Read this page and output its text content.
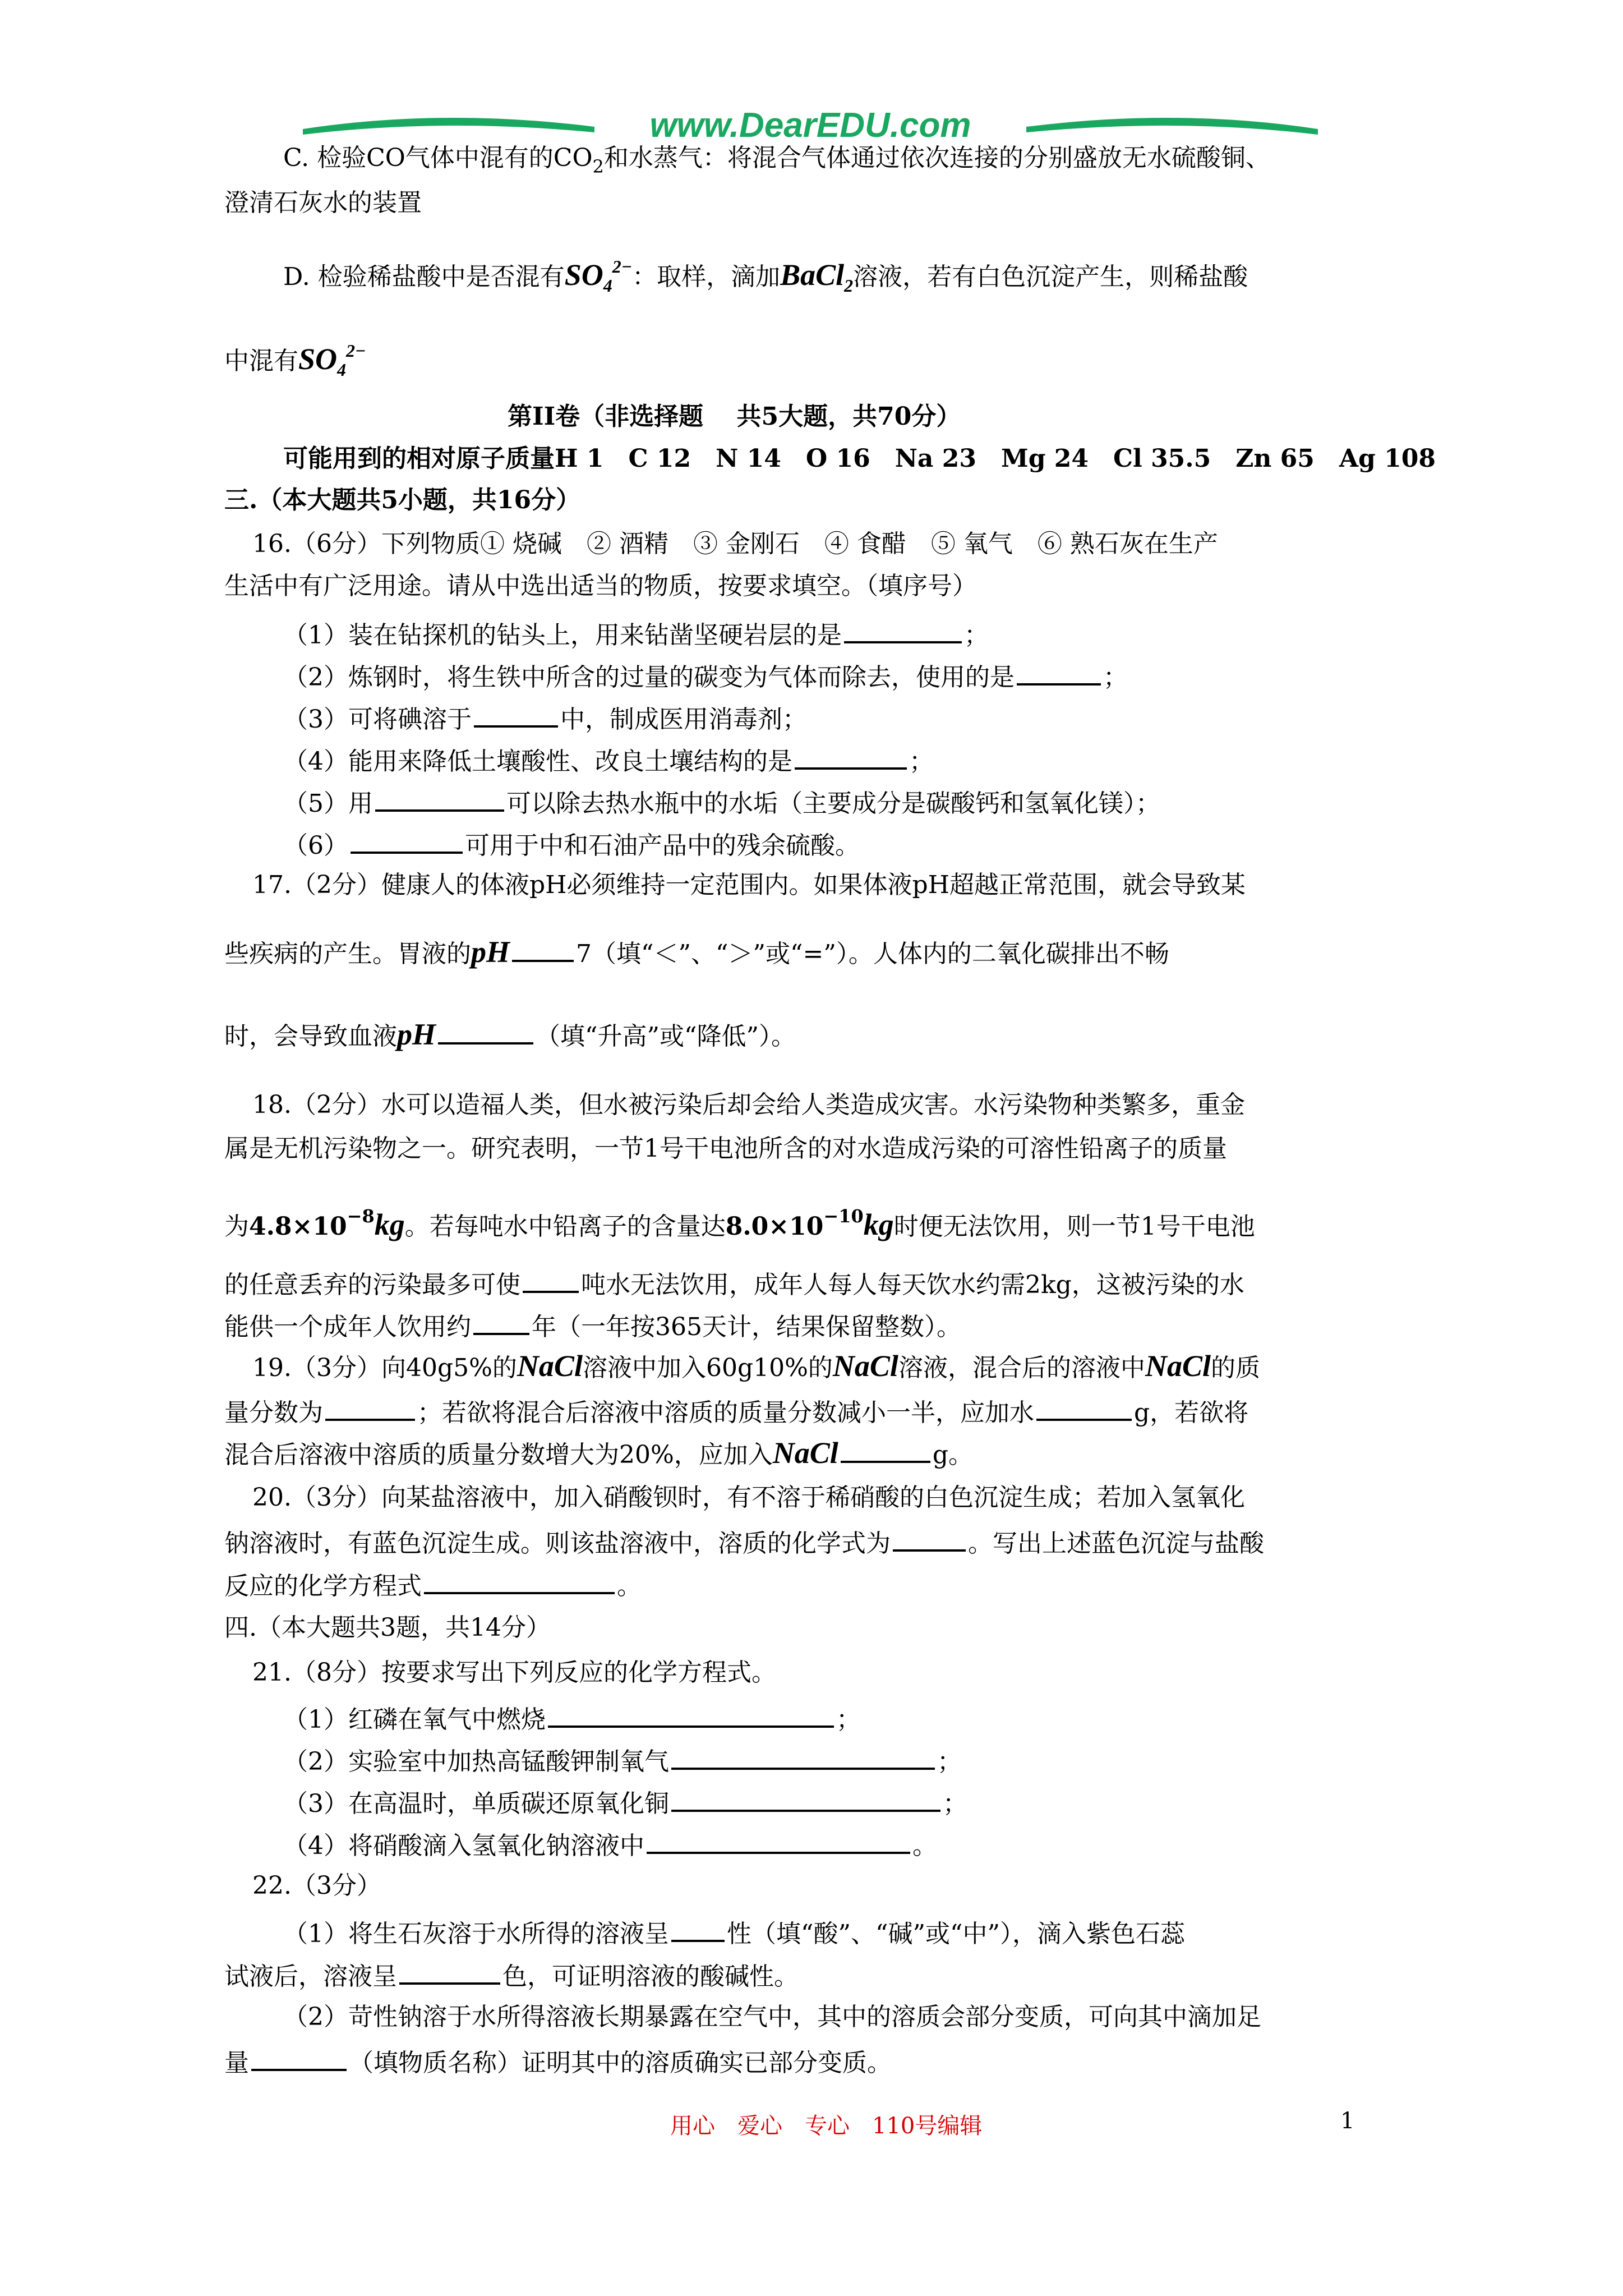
www.DearEDU.com
C. 检验CO气体中混有的$CO_2$和水蒸气：将混合气体通过依次连接的分别盛放无水硫酸铜、
澄清石灰水的装置
D. 检验稀盐酸中是否混有$SO_4^{2-}$：取样，滴加BaCl$_2$溶液，若有白色沉淀产生，则稀盐酸
中混有$SO_4^{2-}$
第II卷（非选择题　 共5大题，共70分）
可能用到的相对原子质量H 1　C 12　N 14　O 16　Na 23　Mg 24　Cl 35.5　Zn 65　Ag 108
三.（本大题共5小题，共16分）
16.（6分）下列物质① 烧碱　② 酒精　③ 金刚石　④ 食醋　⑤ 氧气　⑥ 熟石灰在生产
生活中有广泛用途。请从中选出适当的物质，按要求填空。（填序号）
（1）装在钻探机的钻头上，用来钻凿坚硬岩层的是	；
（2）炼钢时，将生铁中所含的过量的碳变为气体而除去，使用的是	；
（3）可将碘溶于	中，制成医用消毒剂；
（4）能用来降低土壤酸性、改良土壤结构的是	；
（5）用	可以除去热水瓶中的水垢（主要成分是碳酸钙和氢氧化镁）；
（6）	可用于中和石油产品中的残余硫酸。
17.（2分）健康人的体液pH必须维持一定范围内。如果体液pH超越正常范围，就会导致某
些疾病的产生。胃液的pH	7（填“＜”、“＞”或“=”）。人体内的二氧化碳排出不畅
时，会导致血液pH	（填“升高”或“降低”）。
18.（2分）水可以造福人类，但水被污染后却会给人类造成灾害。水污染物种类繁多，重金
属是无机污染物之一。研究表明，一节1号干电池所含的对水造成污染的可溶性铅离子的质量
为$4.8\times 10^{-8}kg$。若每吨水中铅离子的含量达$8.0\times 10^{-10}kg$时便无法饮用，则一节1号干电池
的任意丢弃的污染最多可使 吨水无法饮用，成年人每人每天饮水约需2kg，这被污染的水
能供一个成年人饮用约 年（一年按365天计，结果保留整数）。
19.（3分）向40g5%的NaCl溶液中加入60g10%的NaCl溶液，混合后的溶液中NaCl的质
量分数为	；若欲将混合后溶液中溶质的质量分数减小一半，应加水	g，若欲将
混合后溶液中溶质的质量分数增大为20%，应加入NaCl	g。
20.（3分）向某盐溶液中，加入硝酸钡时，有不溶于稀硝酸的白色沉淀生成；若加入氢氧化
钠溶液时，有蓝色沉淀生成。则该盐溶液中，溶质的化学式为	。写出上述蓝色沉淀与盐酸
反应的化学方程式	。
四.（本大题共3题，共14分）
21.（8分）按要求写出下列反应的化学方程式。
（1）红磷在氧气中燃烧	；
（2）实验室中加热高锰酸钾制氧气	；
（3）在高温时，单质碳还原氧化铜	；
（4）将硝酸滴入氢氧化钠溶液中	。
22.（3分）
（1）将生石灰溶于水所得的溶液呈 性（填“酸”、“碱”或“中”），滴入紫色石蕊
试液后，溶液呈	色，可证明溶液的酸碱性。
（2）苛性钠溶于水所得溶液长期暴露在空气中，其中的溶质会部分变质，可向其中滴加足
量	（填物质名称）证明其中的溶质确实已部分变质。
用心　爱心　专心　110号编辑	1
